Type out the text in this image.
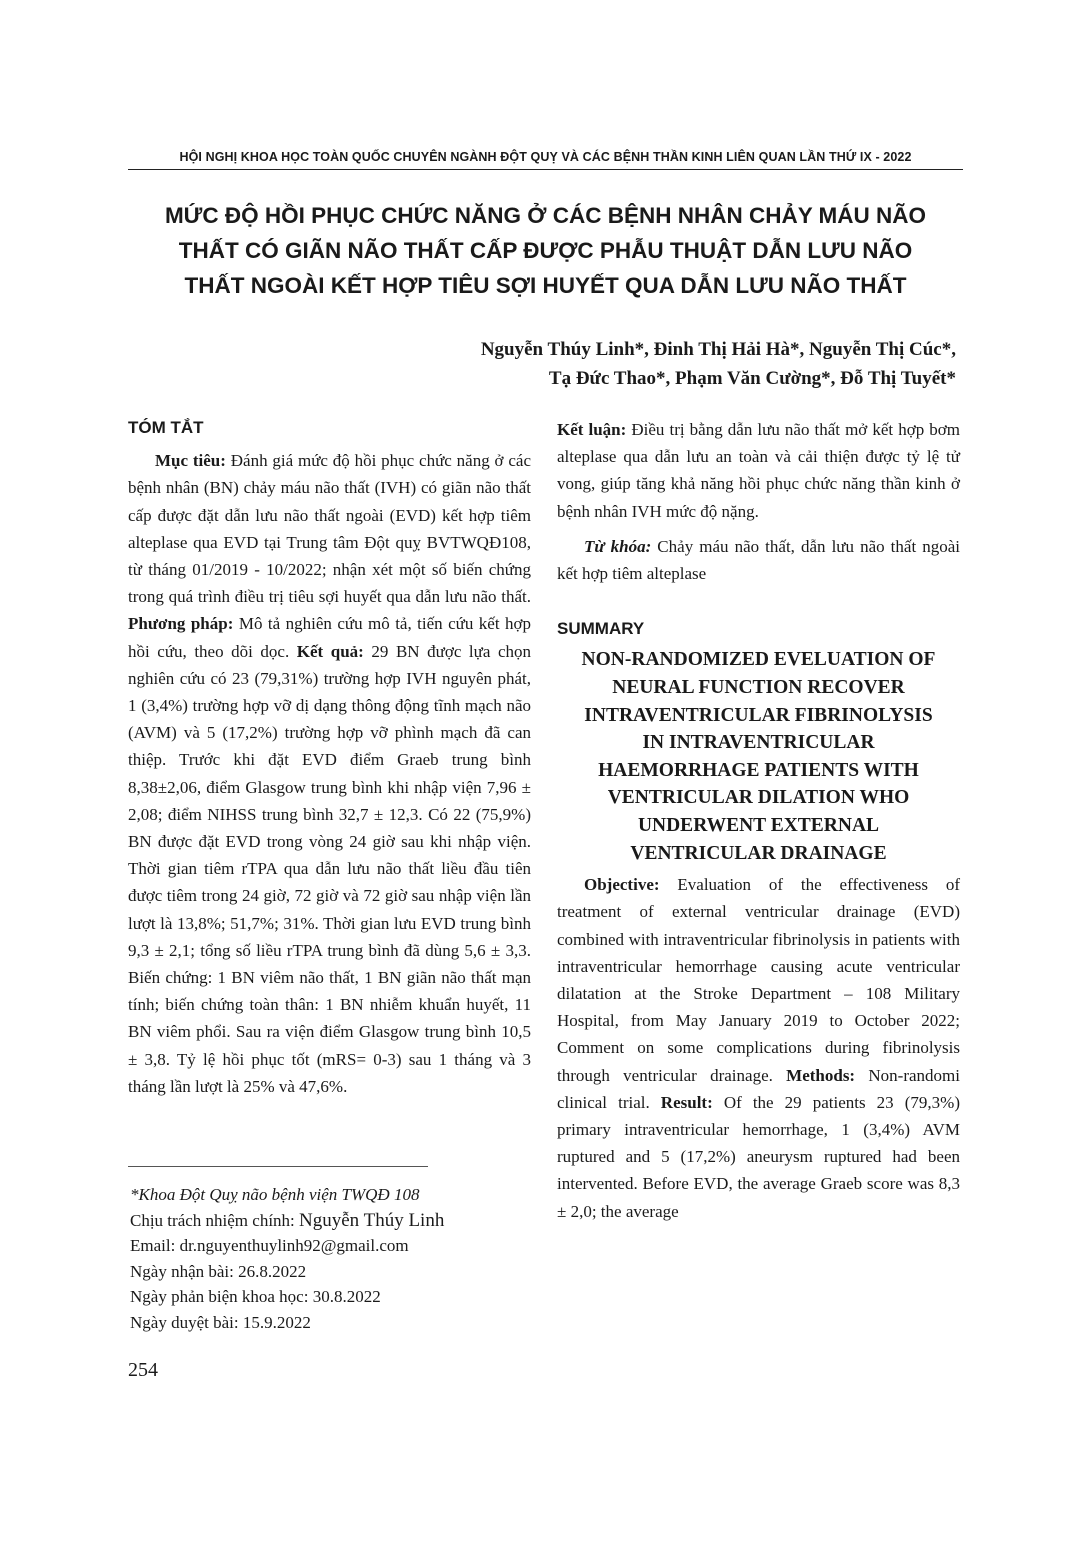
HỘI NGHỊ KHOA HỌC TOÀN QUỐC CHUYÊN NGÀNH ĐỘT QUỴ VÀ CÁC BỆNH THẦN KINH LIÊN QUAN LẦN THỨ IX - 2022
MỨC ĐỘ HỒI PHỤC CHỨC NĂNG Ở CÁC BỆNH NHÂN CHẢY MÁU NÃO
THẤT CÓ GIÃN NÃO THẤT CẤP ĐƯỢC PHẪU THUẬT DẪN LƯU NÃO
THẤT NGOÀI KẾT HỢP TIÊU SỢI HUYẾT QUA DẪN LƯU NÃO THẤT
Nguyễn Thúy Linh*, Đinh Thị Hải Hà*, Nguyễn Thị Cúc*,
Tạ Đức Thao*, Phạm Văn Cường*, Đỗ Thị Tuyết*
TÓM TẮT

Mục tiêu: Đánh giá mức độ hồi phục chức năng ở các bệnh nhân (BN) chảy máu não thất (IVH) có giãn não thất cấp được đặt dẫn lưu não thất ngoài (EVD) kết hợp tiêm alteplase qua EVD tại Trung tâm Đột quỵ BVTWQĐ108, từ tháng 01/2019 - 10/2022; nhận xét một số biến chứng trong quá trình điều trị tiêu sợi huyết qua dẫn lưu não thất. Phương pháp: Mô tả nghiên cứu mô tả, tiến cứu kết hợp hồi cứu, theo dõi dọc. Kết quả: 29 BN được lựa chọn nghiên cứu có 23 (79,31%) trường hợp IVH nguyên phát, 1 (3,4%) trường hợp vỡ dị dạng thông động tĩnh mạch não (AVM) và 5 (17,2%) trường hợp vỡ phình mạch đã can thiệp. Trước khi đặt EVD điểm Graeb trung bình 8,38±2,06, điểm Glasgow trung bình khi nhập viện 7,96 ± 2,08; điểm NIHSS trung bình 32,7 ± 12,3. Có 22 (75,9%) BN được đặt EVD trong vòng 24 giờ sau khi nhập viện. Thời gian tiêm rTPA qua dẫn lưu não thất liều đầu tiên được tiêm trong 24 giờ, 72 giờ và 72 giờ sau nhập viện lần lượt là 13,8%; 51,7%; 31%. Thời gian lưu EVD trung bình 9,3 ± 2,1; tổng số liều rTPA trung bình đã dùng 5,6 ± 3,3. Biến chứng: 1 BN viêm não thất, 1 BN giãn não thất mạn tính; biến chứng toàn thân: 1 BN nhiễm khuẩn huyết, 11 BN viêm phổi. Sau ra viện điểm Glasgow trung bình 10,5 ± 3,8. Tỷ lệ hồi phục tốt (mRS= 0-3) sau 1 tháng và 3 tháng lần lượt là 25% và 47,6%.

Kết luận: Điều trị bằng dẫn lưu não thất mở kết hợp bơm alteplase qua dẫn lưu an toàn và cải thiện được tỷ lệ tử vong, giúp tăng khả năng hồi phục chức năng thần kinh ở bệnh nhân IVH mức độ nặng.

Từ khóa: Chảy máu não thất, dẫn lưu não thất ngoài kết hợp tiêm alteplase

SUMMARY
NON-RANDOMIZED EVELUATION OF
NEURAL FUNCTION RECOVER
INTRAVENTRICULAR FIBRINOLYSIS
IN INTRAVENTRICULAR
HAEMORRHAGE PATIENTS WITH
VENTRICULAR DILATION WHO
UNDERWENT EXTERNAL
VENTRICULAR DRAINAGE

Objective: Evaluation of the effectiveness of treatment of external ventricular drainage (EVD) combined with intraventricular fibrinolysis in patients with intraventricular hemorrhage causing acute ventricular dilatation at the Stroke Department – 108 Military Hospital, from May January 2019 to October 2022; Comment on some complications during fibrinolysis through ventricular drainage. Methods: Non-randomi clinical trial. Result: Of the 29 patients 23 (79,3%) primary intraventricular hemorrhage, 1 (3,4%) AVM ruptured and 5 (17,2%) aneurysm ruptured had been intervented. Before EVD, the average Graeb score was 8,3 ± 2,0; the average

*Khoa Đột Quỵ não bệnh viện TWQĐ 108
Chịu trách nhiệm chính: Nguyễn Thúy Linh
Email: dr.nguyenthuylinh92@gmail.com
Ngày nhận bài: 26.8.2022
Ngày phản biện khoa học: 30.8.2022
Ngày duyệt bài: 15.9.2022
254
